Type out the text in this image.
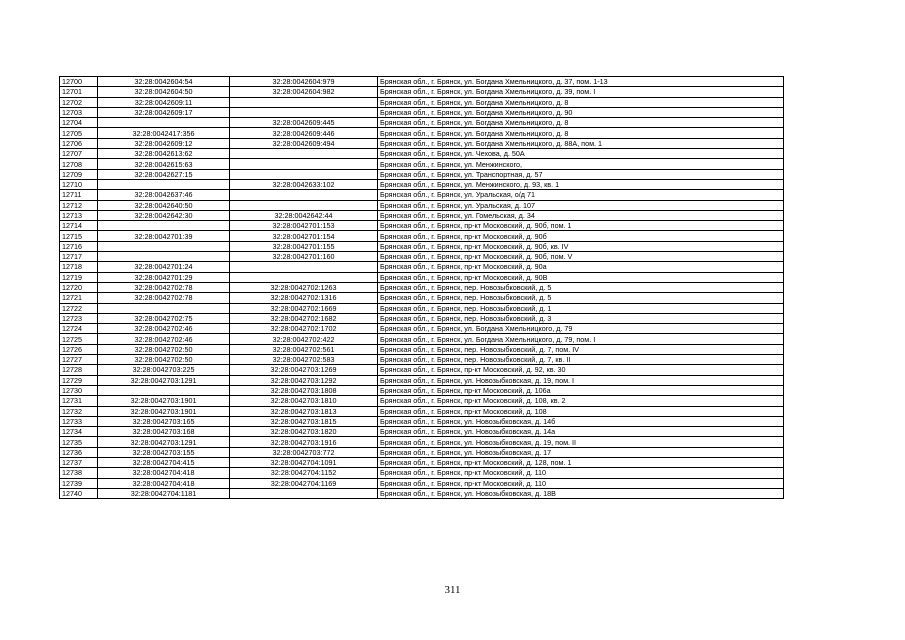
12700	32:28:0042604:54	32:28:0042604:979	Брянская обл., г. Брянск, ул. Богдана Хмельницкого, д. 37, пом. 1-13
12701	32:28:0042604:50	32:28:0042604:982	Брянская обл., г. Брянск, ул. Богдана Хмельницкого, д. 39, пом. I
12702	32:28:0042609:11		Брянская обл., г. Брянск, ул. Богдана Хмельницкого, д. 8
12703	32:28:0042609:17		Брянская обл., г. Брянск, ул. Богдана Хмельницкого, д. 90
12704		32:28:0042609:445	Брянская обл., г. Брянск, ул. Богдана Хмельницкого, д. 8
12705	32:28:0042417:356	32:28:0042609:446	Брянская обл., г. Брянск, ул. Богдана Хмельницкого, д. 8
12706	32:28:0042609:12	32:28:0042609:494	Брянская обл., г. Брянск, ул. Богдана Хмельницкого, д. 88А, пом. 1
12707	32:28:0042613:62		Брянская обл., г. Брянск, ул. Чехова, д. 50А
12708	32:28:0042615:63		Брянская обл., г. Брянск, ул. Менжинского,
12709	32:28:0042627:15		Брянская обл., г. Брянск, ул. Транспортная, д. 57
12710		32:28:0042633:102	Брянская обл., г. Брянск, ул. Менжинского, д. 93, кв. 1
12711	32:28:0042637:46		Брянская обл., г. Брянск, ул. Уральская, о/д 71
12712	32:28:0042640:50		Брянская обл., г. Брянск, ул. Уральская, д. 107
12713	32:28:0042642:30	32:28:0042642:44	Брянская обл., г. Брянск, ул. Гомельская, д. 34
12714		32:28:0042701:153	Брянская обл., г. Брянск, пр-кт Московский, д. 90б, пом. 1
12715	32:28:0042701:39	32:28:0042701:154	Брянская обл., г. Брянск, пр-кт Московский, д. 90б
12716		32:28:0042701:155	Брянская обл., г. Брянск, пр-кт Московский, д. 90б, кв. IV
12717		32:28:0042701:160	Брянская обл., г. Брянск, пр-кт Московский, д. 90б, пом. V
12718	32:28:0042701:24		Брянская обл., г. Брянск, пр-кт Московский, д. 90а
12719	32:28:0042701:29		Брянская обл., г. Брянск, пр-кт Московский, д. 90В
12720	32:28:0042702:78	32:28:0042702:1263	Брянская обл., г. Брянск, пер. Новозыбковский, д. 5
12721	32:28:0042702:78	32:28:0042702:1316	Брянская обл., г. Брянск, пер. Новозыбковский, д. 5
12722		32:28:0042702:1669	Брянская обл., г. Брянск, пер. Новозыбковский, д. 1
12723	32:28:0042702:75	32:28:0042702:1682	Брянская обл., г. Брянск, пер. Новозыбковский, д. 3
12724	32:28:0042702:46	32:28:0042702:1702	Брянская обл., г. Брянск, ул. Богдана Хмельницкого, д. 79
12725	32:28:0042702:46	32:28:0042702:422	Брянская обл., г. Брянск, ул. Богдана Хмельницкого, д. 79, пом. I
12726	32:28:0042702:50	32:28:0042702:561	Брянская обл., г. Брянск, пер. Новозыбковский, д. 7, пом. IV
12727	32:28:0042702:50	32:28:0042702:583	Брянская обл., г. Брянск, пер. Новозыбковский, д. 7, кв. II
12728	32:28:0042703:225	32:28:0042703:1269	Брянская обл., г. Брянск, пр-кт Московский, д. 92, кв. 30
12729	32:28:0042703:1291	32:28:0042703:1292	Брянская обл., г. Брянск, ул. Новозыбковская, д. 19, пом. I
12730		32:28:0042703:1808	Брянская обл., г. Брянск, пр-кт Московский, д. 106а
12731	32:28:0042703:1901	32:28:0042703:1810	Брянская обл., г. Брянск, пр-кт Московский, д. 108, кв. 2
12732	32:28:0042703:1901	32:28:0042703:1813	Брянская обл., г. Брянск, пр-кт Московский, д. 108
12733	32:28:0042703:165	32:28:0042703:1815	Брянская обл., г. Брянск, ул. Новозыбковская, д. 14б
12734	32:28:0042703:168	32:28:0042703:1820	Брянская обл., г. Брянск, ул. Новозыбковская, д. 14а
12735	32:28:0042703:1291	32:28:0042703:1916	Брянская обл., г. Брянск, ул. Новозыбковская, д. 19, пом. II
12736	32:28:0042703:155	32:28:0042703:772	Брянская обл., г. Брянск, ул. Новозыбковская, д. 17
12737	32:28:0042704:415	32:28:0042704:1091	Брянская обл., г. Брянск, пр-кт Московский, д. 128, пом. 1
12738	32:28:0042704:418	32:28:0042704:1152	Брянская обл., г. Брянск, пр-кт Московский, д. 110
12739	32:28:0042704:418	32:28:0042704:1169	Брянская обл., г. Брянск, пр-кт Московский, д. 110
12740	32:28:0042704:1181		Брянская обл., г. Брянск, ул. Новозыбковская, д. 18В
311
